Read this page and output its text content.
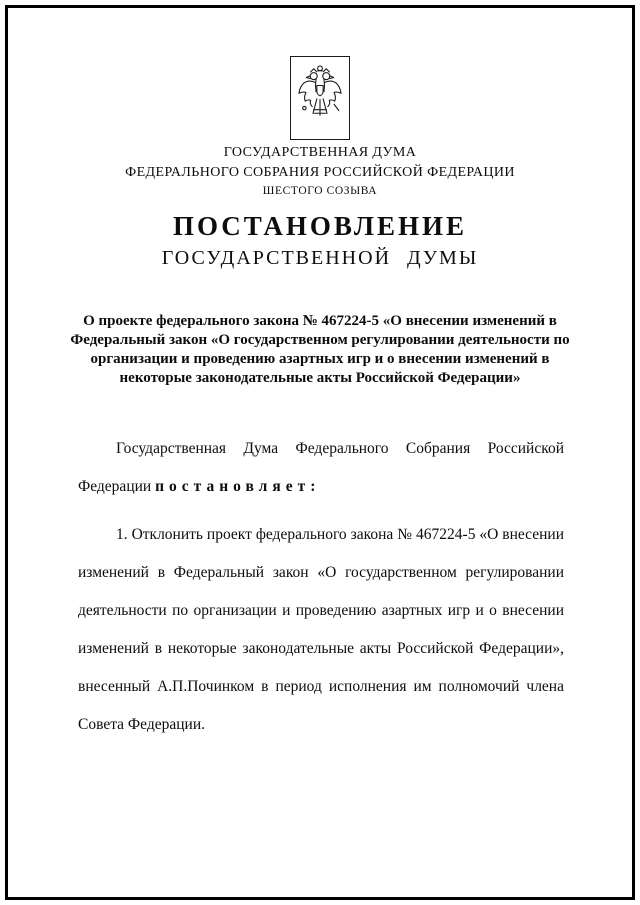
ГОСУДАРСТВЕННАЯ ДУМА
ФЕДЕРАЛЬНОГО СОБРАНИЯ РОССИЙСКОЙ ФЕДЕРАЦИИ
ШЕСТОГО СОЗЫВА
ПОСТАНОВЛЕНИЕ
ГОСУДАРСТВЕННОЙ ДУМЫ

О проекте федерального закона № 467224-5 «О внесении изменений в Федеральный закон «О государственном регулировании деятельности по организации и проведению азартных игр и о внесении изменений в некоторые законодательные акты Российской Федерации»

Государственная Дума Федерального Собрания Российской Федерации постановляет:

1. Отклонить проект федерального закона № 467224-5 «О внесении изменений в Федеральный закон «О государственном регулировании деятельности по организации и проведению азартных игр и о внесении изменений в некоторые законодательные акты Российской Федерации», внесенный А.П.Починком в период исполнения им полномочий члена Совета Федерации.
